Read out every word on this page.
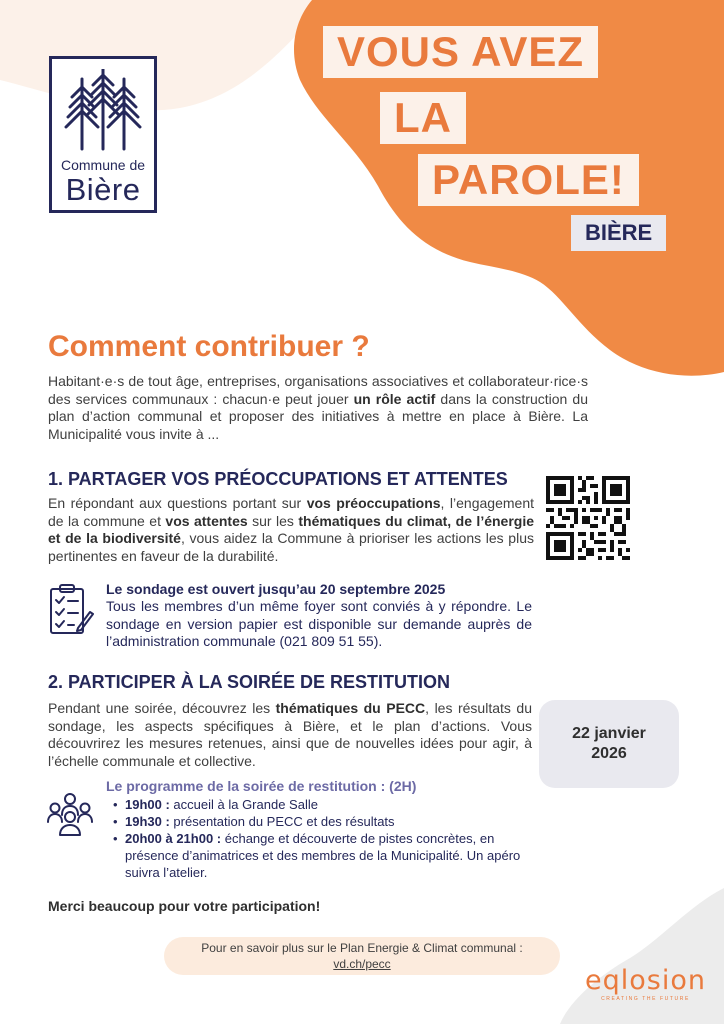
Commune de
Bière
VOUS AVEZ
LA
PAROLE!
BIÈRE
Comment contribuer ?

Habitant·e·s de tout âge, entreprises, organisations associatives et collaborateur·rice·s des services communaux : chacun·e peut jouer un rôle actif dans la construction du plan d’action communal et proposer des initiatives à mettre en place à Bière. La Municipalité vous invite à ...

1. PARTAGER VOS PRÉOCCUPATIONS ET ATTENTES

En répondant aux questions portant sur vos préoccupations, l’engagement de la commune et vos attentes sur les thématiques du climat, de l’énergie et de la biodiversité, vous aidez la Commune à prioriser les actions les plus pertinentes en faveur de la durabilité.

Le sondage est ouvert jusqu’au 20 septembre 2025

Tous les membres d’un même foyer sont conviés à y répondre. Le sondage en version papier est disponible sur demande auprès de l’administration communale (021 809 51 55).

2. PARTICIPER À LA SOIRÉE DE RESTITUTION

Pendant une soirée, découvrez les thématiques du PECC, les résultats du sondage, les aspects spécifiques à Bière, et le plan d’actions. Vous découvrirez les mesures retenues, ainsi que de nouvelles idées pour agir, à l’échelle communale et collective.

22 janvier
2026
Le programme de la soirée de restitution : (2H)
• 19h00 : accueil à la Grande Salle
• 19h30 : présentation du PECC et des résultats
• 20h00 à 21h00 : échange et découverte de pistes concrètes, en présence d’animatrices et des membres de la Municipalité. Un apéro suivra l’atelier.
Merci beaucoup pour votre participation!
Pour en savoir plus sur le Plan Energie & Climat communal :
vd.ch/pecc
eqlosion
CREATING THE FUTURE
